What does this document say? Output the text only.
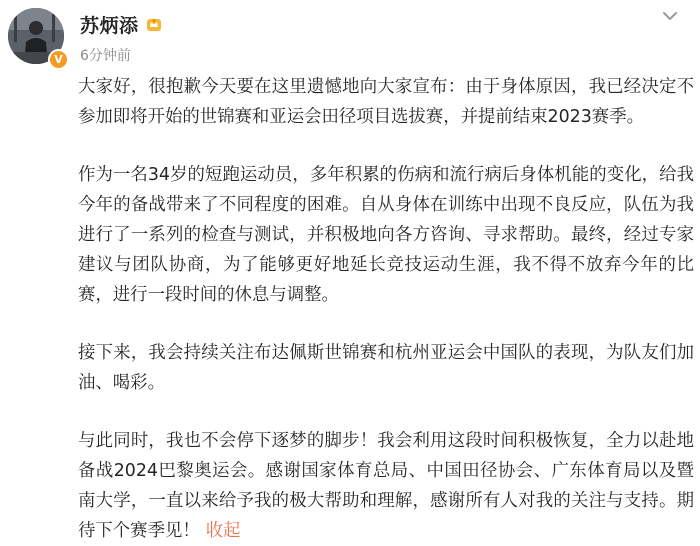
V
苏炳添
6分钟前

大家好，很抱歉今天要在这里遗憾地向大家宣布：由于身体原因，我已经决定不参加即将开始的世锦赛和亚运会田径项目选拔赛，并提前结束2023赛季。

作为一名34岁的短跑运动员，多年积累的伤病和流行病后身体机能的变化，给我今年的备战带来了不同程度的困难。自从身体在训练中出现不良反应，队伍为我进行了一系列的检查与测试，并积极地向各方咨询、寻求帮助。最终，经过专家建议与团队协商，为了能够更好地延长竞技运动生涯，我不得不放弃今年的比赛，进行一段时间的休息与调整。

接下来，我会持续关注布达佩斯世锦赛和杭州亚运会中国队的表现，为队友们加油、喝彩。

与此同时，我也不会停下逐梦的脚步！我会利用这段时间积极恢复，全力以赴地备战2024巴黎奥运会。感谢国家体育总局、中国田径协会、广东体育局以及暨南大学，一直以来给予我的极大帮助和理解，感谢所有人对我的关注与支持。期待下个赛季见！ 收起
